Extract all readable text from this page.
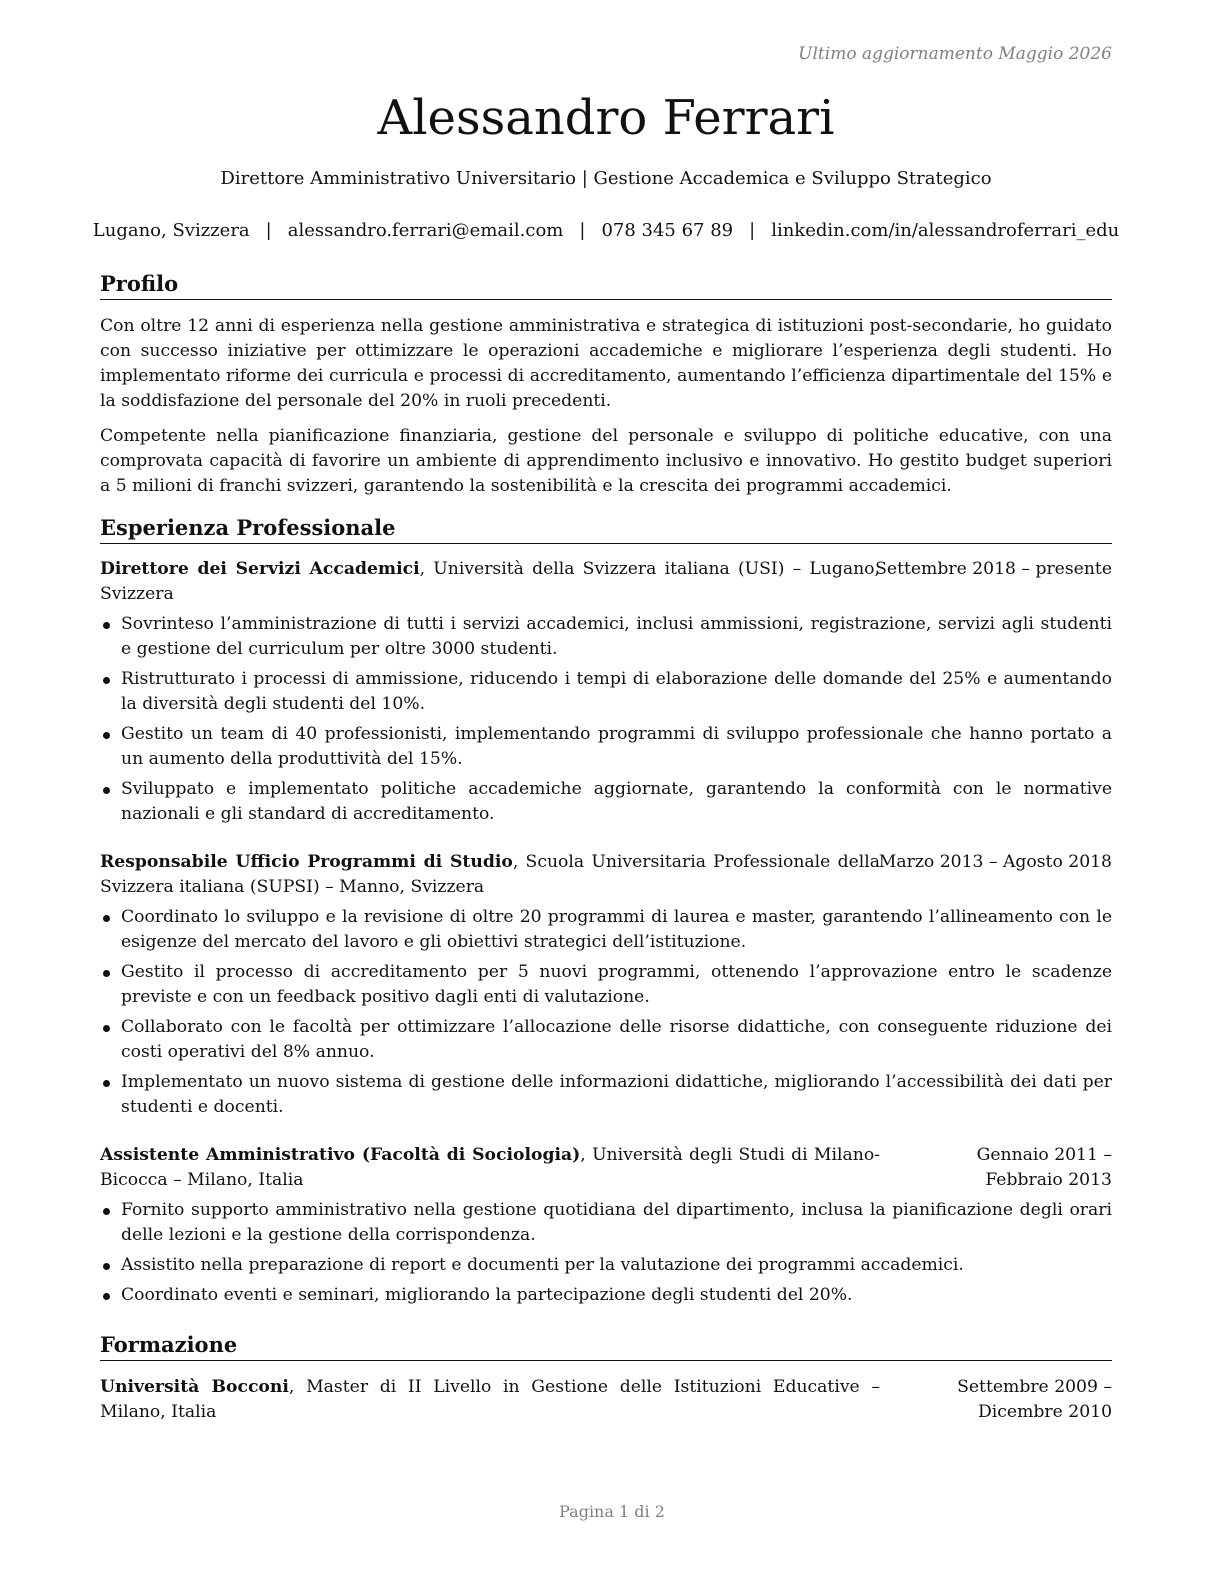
Ultimo aggiornamento Maggio 2026
Alessandro Ferrari
Direttore Amministrativo Universitario | Gestione Accademica e Sviluppo Strategico
Lugano, Svizzera | alessandro.ferrari@email.com | 078 345 67 89 | linkedin.com/in/alessandroferrari_edu
Profilo
Con oltre 12 anni di esperienza nella gestione amministrativa e strategica di istituzioni post-secondarie, ho guidato con successo iniziative per ottimizzare le operazioni accademiche e migliorare l’esperienza degli studenti. Ho implementato riforme dei curricula e processi di accreditamento, aumentando l’efficienza dipartimentale del 15% e la soddisfazione del personale del 20% in ruoli precedenti.
Competente nella pianificazione finanziaria, gestione del personale e sviluppo di politiche educative, con una comprovata capacità di favorire un ambiente di apprendimento inclusivo e innovativo. Ho gestito budget superiori a 5 milioni di franchi svizzeri, garantendo la sostenibilità e la crescita dei programmi accademici.
Esperienza Professionale
Direttore dei Servizi Accademici, Università della Svizzera italiana (USI) – Lugano, Svizzera
Settembre 2018 – presente
Sovrinteso l’amministrazione di tutti i servizi accademici, inclusi ammissioni, registrazione, servizi agli studenti e gestione del curriculum per oltre 3000 studenti.
Ristrutturato i processi di ammissione, riducendo i tempi di elaborazione delle domande del 25% e aumentando la diversità degli studenti del 10%.
Gestito un team di 40 professionisti, implementando programmi di sviluppo professionale che hanno portato a un aumento della produttività del 15%.
Sviluppato e implementato politiche accademiche aggiornate, garantendo la conformità con le normative nazionali e gli standard di accreditamento.
Responsabile Ufficio Programmi di Studio, Scuola Universitaria Professionale della Svizzera italiana (SUPSI) – Manno, Svizzera
Marzo 2013 – Agosto 2018
Coordinato lo sviluppo e la revisione di oltre 20 programmi di laurea e master, garantendo l’allineamento con le esigenze del mercato del lavoro e gli obiettivi strategici dell’istituzione.
Gestito il processo di accreditamento per 5 nuovi programmi, ottenendo l’approvazione entro le scadenze previste e con un feedback positivo dagli enti di valutazione.
Collaborato con le facoltà per ottimizzare l’allocazione delle risorse didattiche, con conseguente riduzione dei costi operativi del 8% annuo.
Implementato un nuovo sistema di gestione delle informazioni didattiche, migliorando l’accessibilità dei dati per studenti e docenti.
Assistente Amministrativo (Facoltà di Sociologia), Università degli Studi di Milano-Bicocca – Milano, Italia
Gennaio 2011 – Febbraio 2013
Fornito supporto amministrativo nella gestione quotidiana del dipartimento, inclusa la pianificazione degli orari delle lezioni e la gestione della corrispondenza.
Assistito nella preparazione di report e documenti per la valutazione dei programmi accademici.
Coordinato eventi e seminari, migliorando la partecipazione degli studenti del 20%.
Formazione
Università Bocconi, Master di II Livello in Gestione delle Istituzioni Educative – Milano, Italia
Settembre 2009 – Dicembre 2010
Pagina 1 di 2
